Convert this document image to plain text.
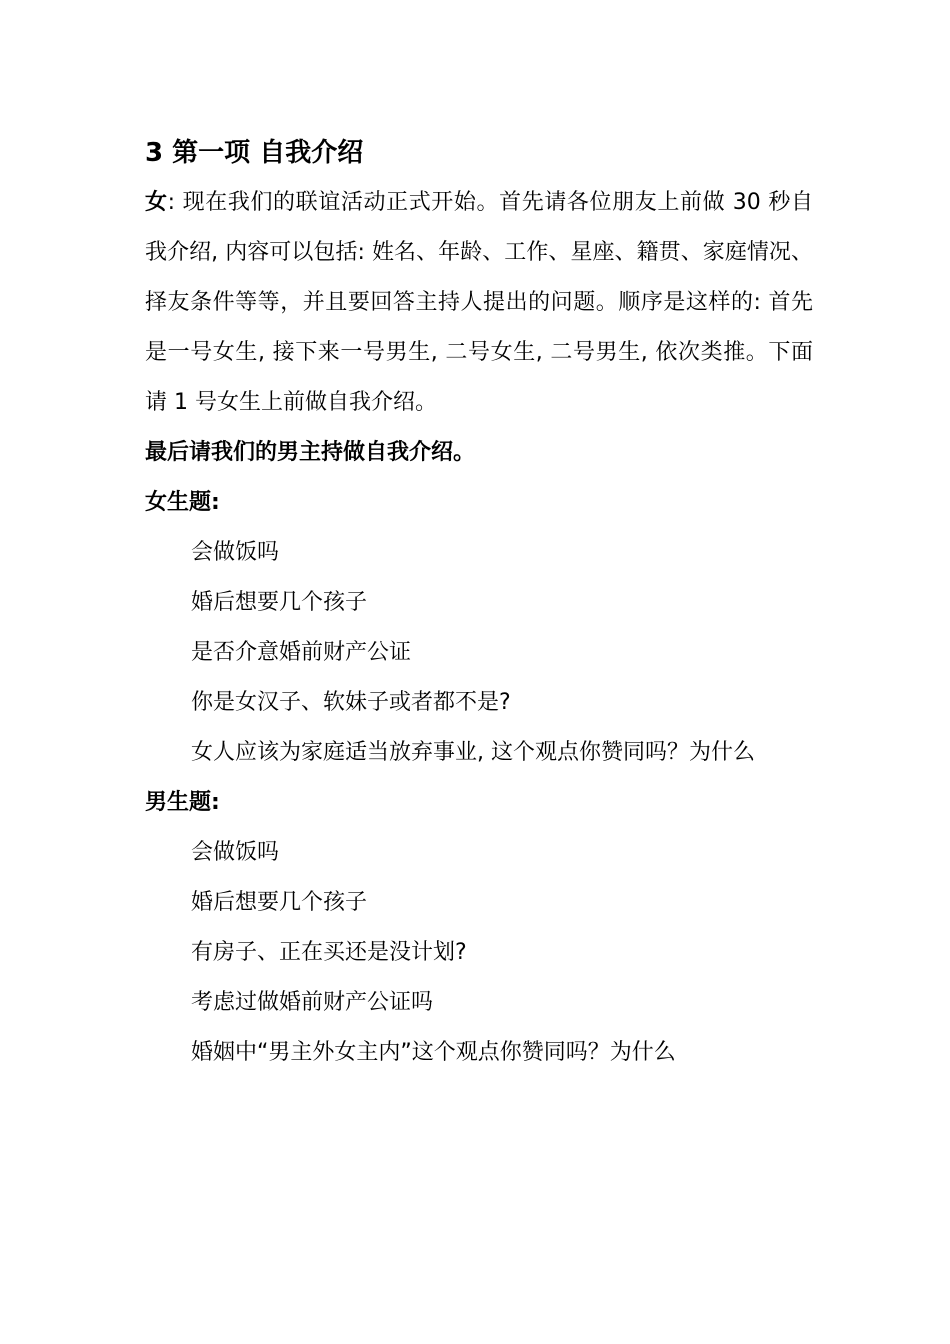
3 第一项 自我介绍

女: 现在我们的联谊活动正式开始。首先请各位朋友上前做 30 秒自我介绍, 内容可以包括: 姓名、年龄、工作、星座、籍贯、家庭情况、择友条件等等，并且要回答主持人提出的问题。顺序是这样的: 首先是一号女生, 接下来一号男生, 二号女生, 二号男生, 依次类推。下面请 1 号女生上前做自我介绍。

最后请我们的男主持做自我介绍。
女生题:
会做饭吗
婚后想要几个孩子
是否介意婚前财产公证
你是女汉子、软妹子或者都不是?
女人应该为家庭适当放弃事业, 这个观点你赞同吗？为什么
男生题:
会做饭吗
婚后想要几个孩子
有房子、正在买还是没计划?
考虑过做婚前财产公证吗
婚姻中“男主外女主内”这个观点你赞同吗？为什么
